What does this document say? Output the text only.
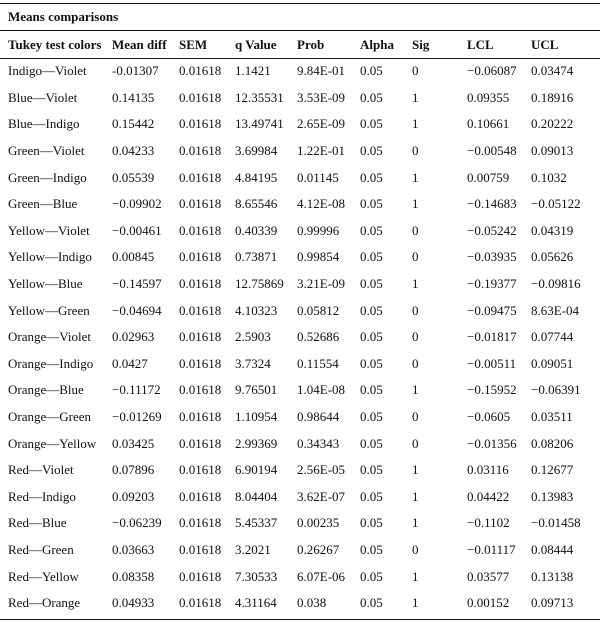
Means comparisons
Tukey test colors	Mean diff	SEM	q Value	Prob	Alpha	Sig	LCL	UCL
Indigo—Violet	-0.01307	0.01618	1.1421	9.84E-01	0.05	0	−0.06087	0.03474
Blue—Violet	0.14135	0.01618	12.35531	3.53E-09	0.05	1	0.09355	0.18916
Blue—Indigo	0.15442	0.01618	13.49741	2.65E-09	0.05	1	0.10661	0.20222
Green—Violet	0.04233	0.01618	3.69984	1.22E-01	0.05	0	−0.00548	0.09013
Green—Indigo	0.05539	0.01618	4.84195	0.01145	0.05	1	0.00759	0.1032
Green—Blue	−0.09902	0.01618	8.65546	4.12E-08	0.05	1	−0.14683	−0.05122
Yellow—Violet	−0.00461	0.01618	0.40339	0.99996	0.05	0	−0.05242	0.04319
Yellow—Indigo	0.00845	0.01618	0.73871	0.99854	0.05	0	−0.03935	0.05626
Yellow—Blue	−0.14597	0.01618	12.75869	3.21E-09	0.05	1	−0.19377	−0.09816
Yellow—Green	−0.04694	0.01618	4.10323	0.05812	0.05	0	−0.09475	8.63E-04
Orange—Violet	0.02963	0.01618	2.5903	0.52686	0.05	0	−0.01817	0.07744
Orange—Indigo	0.0427	0.01618	3.7324	0.11554	0.05	0	−0.00511	0.09051
Orange—Blue	−0.11172	0.01618	9.76501	1.04E-08	0.05	1	−0.15952	−0.06391
Orange—Green	−0.01269	0.01618	1.10954	0.98644	0.05	0	−0.0605	0.03511
Orange—Yellow	0.03425	0.01618	2.99369	0.34343	0.05	0	−0.01356	0.08206
Red—Violet	0.07896	0.01618	6.90194	2.56E-05	0.05	1	0.03116	0.12677
Red—Indigo	0.09203	0.01618	8.04404	3.62E-07	0.05	1	0.04422	0.13983
Red—Blue	−0.06239	0.01618	5.45337	0.00235	0.05	1	−0.1102	−0.01458
Red—Green	0.03663	0.01618	3.2021	0.26267	0.05	0	−0.01117	0.08444
Red—Yellow	0.08358	0.01618	7.30533	6.07E-06	0.05	1	0.03577	0.13138
Red—Orange	0.04933	0.01618	4.31164	0.038	0.05	1	0.00152	0.09713
